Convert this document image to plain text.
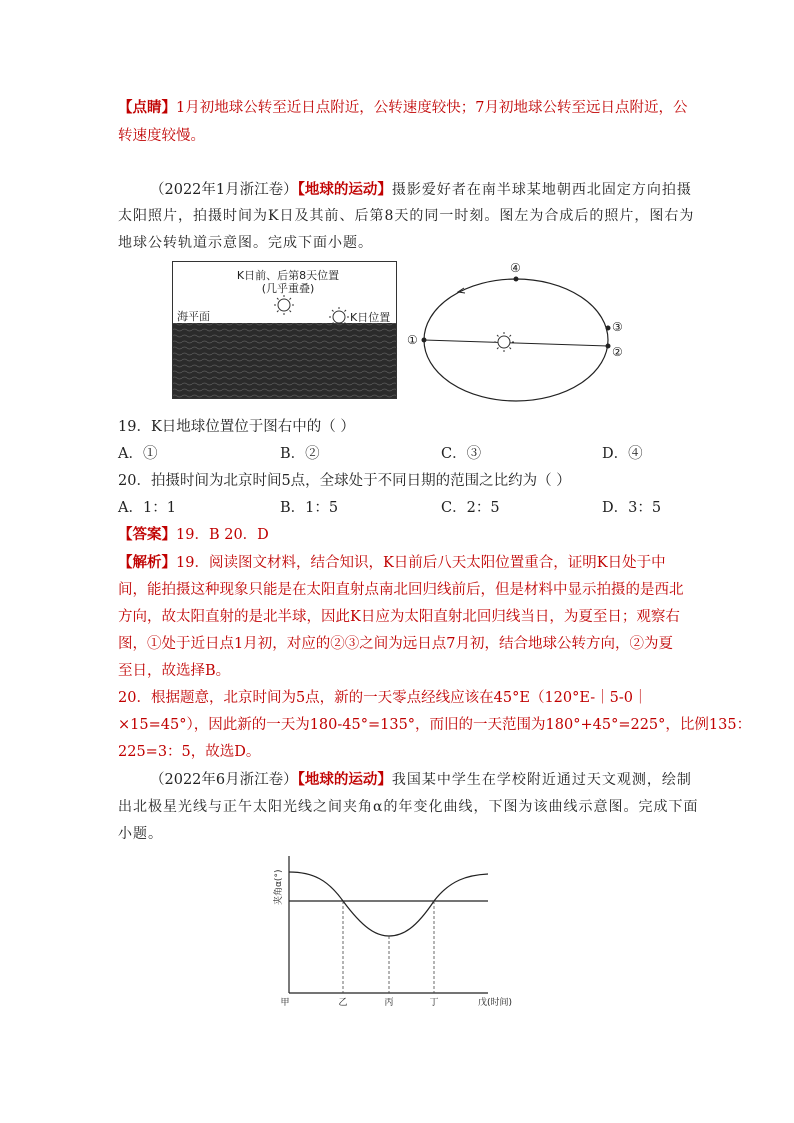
【点睛】1月初地球公转至近日点附近，公转速度较快；7月初地球公转至远日点附近，公
转速度较慢。
（2022年1月浙江卷）【地球的运动】摄影爱好者在南半球某地朝西北固定方向拍摄
太阳照片，拍摄时间为K日及其前、后第8天的同一时刻。图左为合成后的照片，图右为
地球公转轨道示意图。完成下面小题。
K日前、后第8天位置
(几乎重叠)
K日位置
海平面
①
②
③
④
19．K日地球位置位于图右中的（ ）
A．①	B．②	C．③	D．④
20．拍摄时间为北京时间5点，全球处于不同日期的范围之比约为（ ）
A．1：1	B．1：5	C．2：5	D．3：5
【答案】19．B 20．D
【解析】19．阅读图文材料，结合知识，K日前后八天太阳位置重合，证明K日处于中
间，能拍摄这种现象只能是在太阳直射点南北回归线前后，但是材料中显示拍摄的是西北
方向，故太阳直射的是北半球，因此K日应为太阳直射北回归线当日，为夏至日；观察右
图，①处于近日点1月初，对应的②③之间为远日点7月初，结合地球公转方向，②为夏
至日，故选择B。
20．根据题意，北京时间为5点，新的一天零点经线应该在45°E（120°E-｜5-0｜
×15=45°），因此新的一天为180-45°=135°，而旧的一天范围为180°+45°=225°，比例135：
225=3：5，故选D。
（2022年6月浙江卷）【地球的运动】我国某中学生在学校附近通过天文观测，绘制
出北极星光线与正午太阳光线之间夹角α的年变化曲线，下图为该曲线示意图。完成下面
小题。
夹角α(°)
甲	乙	丙	丁	戊(时间)
